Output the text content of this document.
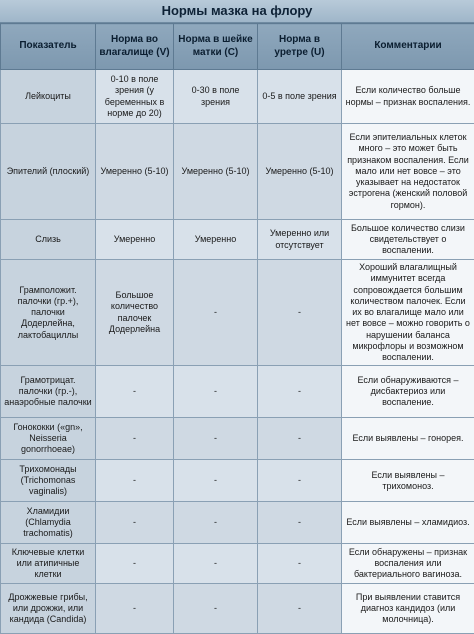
Нормы мазка на флору
Показатель	Норма во влагалище (V)	Норма в шейке матки (C)	Норма в уретре (U)	Комментарии
Лейкоциты	0-10 в поле зрения (у беременных в норме до 20)	0-30 в поле зрения	0-5 в поле зрения	Если количество больше нормы – признак воспаления.
Эпителий (плоский)	Умеренно (5-10)	Умеренно (5-10)	Умеренно (5-10)	Если эпителиальных клеток много – это может быть признаком воспаления. Если мало или нет вовсе – это указывает на недостаток эстрогена (женский половой гормон).
Слизь	Умеренно	Умеренно	Умеренно или отсутствует	Большое количество слизи свидетельствует о воспалении.
Грамположит. палочки (гр.+), палочки Додерлейна, лактобациллы	Большое количество палочек Додерлейна	-	-	Хороший влагалищный иммунитет всегда сопровождается большим количеством палочек. Если их во влагалище мало или нет вовсе – можно говорить о нарушении баланса микрофлоры и возможном воспалении.
Грамотрицат. палочки (гр.-), анаэробные палочки	-	-	-	Если обнаруживаются – дисбактериоз или воспаление.
Гонококки («gn», Neisseria gonorrhoeae)	-	-	-	Если выявлены – гонорея.
Трихомонады (Trichomonas vaginalis)	-	-	-	Если выявлены – трихомоноз.
Хламидии (Chlamydia trachomatis)	-	-	-	Если выявлены – хламидиоз.
Ключевые клетки или атипичные клетки	-	-	-	Если обнаружены – признак воспаления или бактериального вагиноза.
Дрожжевые грибы, или дрожжи, или кандида (Candida)	-	-	-	При выявлении ставится диагноз кандидоз (или молочница).
